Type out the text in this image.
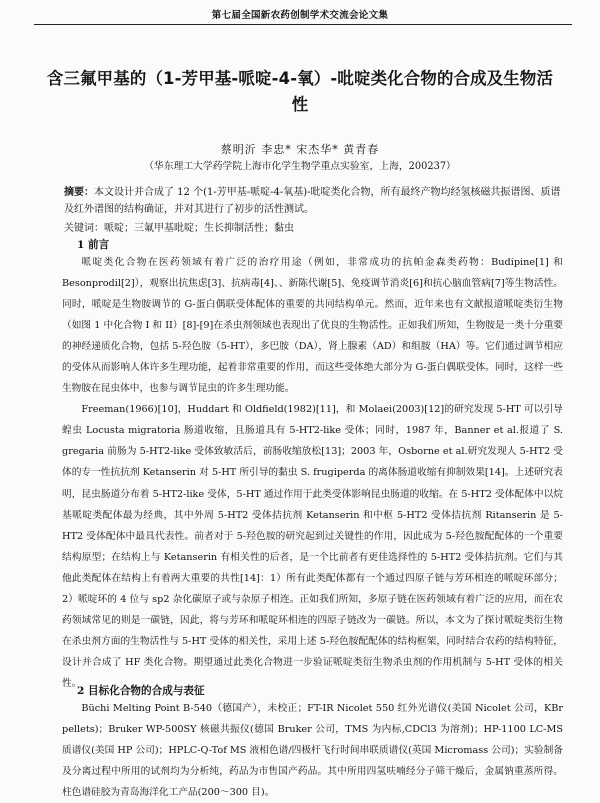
第七届全国新农药创制学术交流会论文集
含三氟甲基的（1-芳甲基-哌啶-4-氧）-吡啶类化合物的合成及生物活性
蔡明沂 李忠* 宋杰华* 黄青春
（华东理工大学药学院上海市化学生物学重点实验室，上海，200237）
摘要：本文设计并合成了 12 个(1-芳甲基-哌啶-4-氧基)-吡啶类化合物，所有最终产物均经氢核磁共振谱图、质谱及红外谱图的结构确证，并对其进行了初步的活性测试。
关键词：哌啶；三氟甲基吡啶；生长抑制活性；黏虫
1 前言

哌啶类化合物在医药领域有着广泛的治疗用途（例如，非常成功的抗帕金森类药物：Budipine[1] 和 Besonprodil[2]），观察出抗焦虑[3]、抗病毒[4]、、新陈代谢[5]、免疫调节消炎[6]和抗心脑血管病[7]等生物活性。同时，哌啶是生物胺调节的 G-蛋白偶联受体配体的重要的共同结构单元。然而，近年来也有文献报道哌啶类衍生物（如图 1 中化合物 I 和 II）[8]-[9]在杀虫剂领域也表现出了优良的生物活性。正如我们所知，生物胺是一类十分重要的神经递质化合物，包括 5-羟色胺（5-HT），多巴胺（DA），肾上腺素（AD）和组胺（HA）等。它们通过调节相应的受体从而影响人体许多生理功能，起着非常重要的作用，而这些受体绝大部分为 G-蛋白偶联受体。同时，这样一些生物胺在昆虫体中，也参与调节昆虫的许多生理功能。

Freeman(1966)[10]，Huddart 和 Oldfield(1982)[11]，和 Molaei(2003)[12]的研究发现 5-HT 可以引导蝗虫 Locusta migratoria 肠道收缩，且肠道具有 5-HT2-like 受体；同时，1987 年，Banner et al.报道了 S. gregaria 前肠为 5-HT2-like 受体致敏活后，前肠收缩放松[13]；2003 年，Osborne et al.研究发现人 5-HT2 受体的专一性抗抗剂 Ketanserin 对 5-HT 所引导的黏虫 S. frugiperda 的离体肠道收缩有抑制效果[14]。上述研究表明，昆虫肠道分布着 5-HT2-like 受体，5-HT 通过作用于此类受体影响昆虫肠道的收缩。在 5-HT2 受体配体中以烷基哌啶类配体最为经典，其中外周 5-HT2 受体拮抗剂 Ketanserin 和中枢 5-HT2 受体拮抗剂 Ritanserin 是 5-HT2 受体配体中最具代表性。前者对于 5-羟色胺的研究起到过关键性的作用，因此成为 5-羟色胺配配体的一个重要结构原型；在结构上与 Ketanserin 有相关性的后者，是一个比前者有更佳选择性的 5-HT2 受体拮抗剂。它们与其他此类配体在结构上有着两大重要的共性[14]：1）所有此类配体都有一个通过四原子链与芳环相连的哌啶环部分；2）哌啶环的 4 位与 sp2 杂化碳原子或与杂原子相连。正如我们所知，多原子链在医药领域有着广泛的应用，而在农药领域常见的则是一碳链，因此，将与芳环和哌啶环相连的四原子链改为一碳链。所以，本文为了探讨哌啶类衍生物在杀虫剂方面的生物活性与 5-HT 受体的相关性，采用上述 5-羟色胺配配体的结构框架，同时结合农药的结构特征，设计并合成了 HF 类化合物。期望通过此类化合物进一步验证哌啶类衍生物杀虫剂的作用机制与 5-HT 受体的相关性。

2 目标化合物的合成与表征

Büchi Melting Point B-540（德国产），未校正；FT-IR Nicolet 550 红外光谱仪(美国 Nicolet 公司，KBr pellets)；Bruker WP-500SY 核磁共振仪(德国 Bruker 公司，TMS 为内标,CDCl3 为溶剂)；HP-1100 LC-MS 质谱仪(美国 HP 公司)；HPLC-Q-Tof MS 液相色谱/四极杆飞行时间串联质谱仪(英国 Micromass 公司)；实验制备及分离过程中所用的试剂均为分析纯，药品为市售国产药品。其中所用四氢呋喃经分子筛干燥后，金属钠重蒸所得。柱色谱硅胶为青岛海洋化工产品(200～300 目)。
